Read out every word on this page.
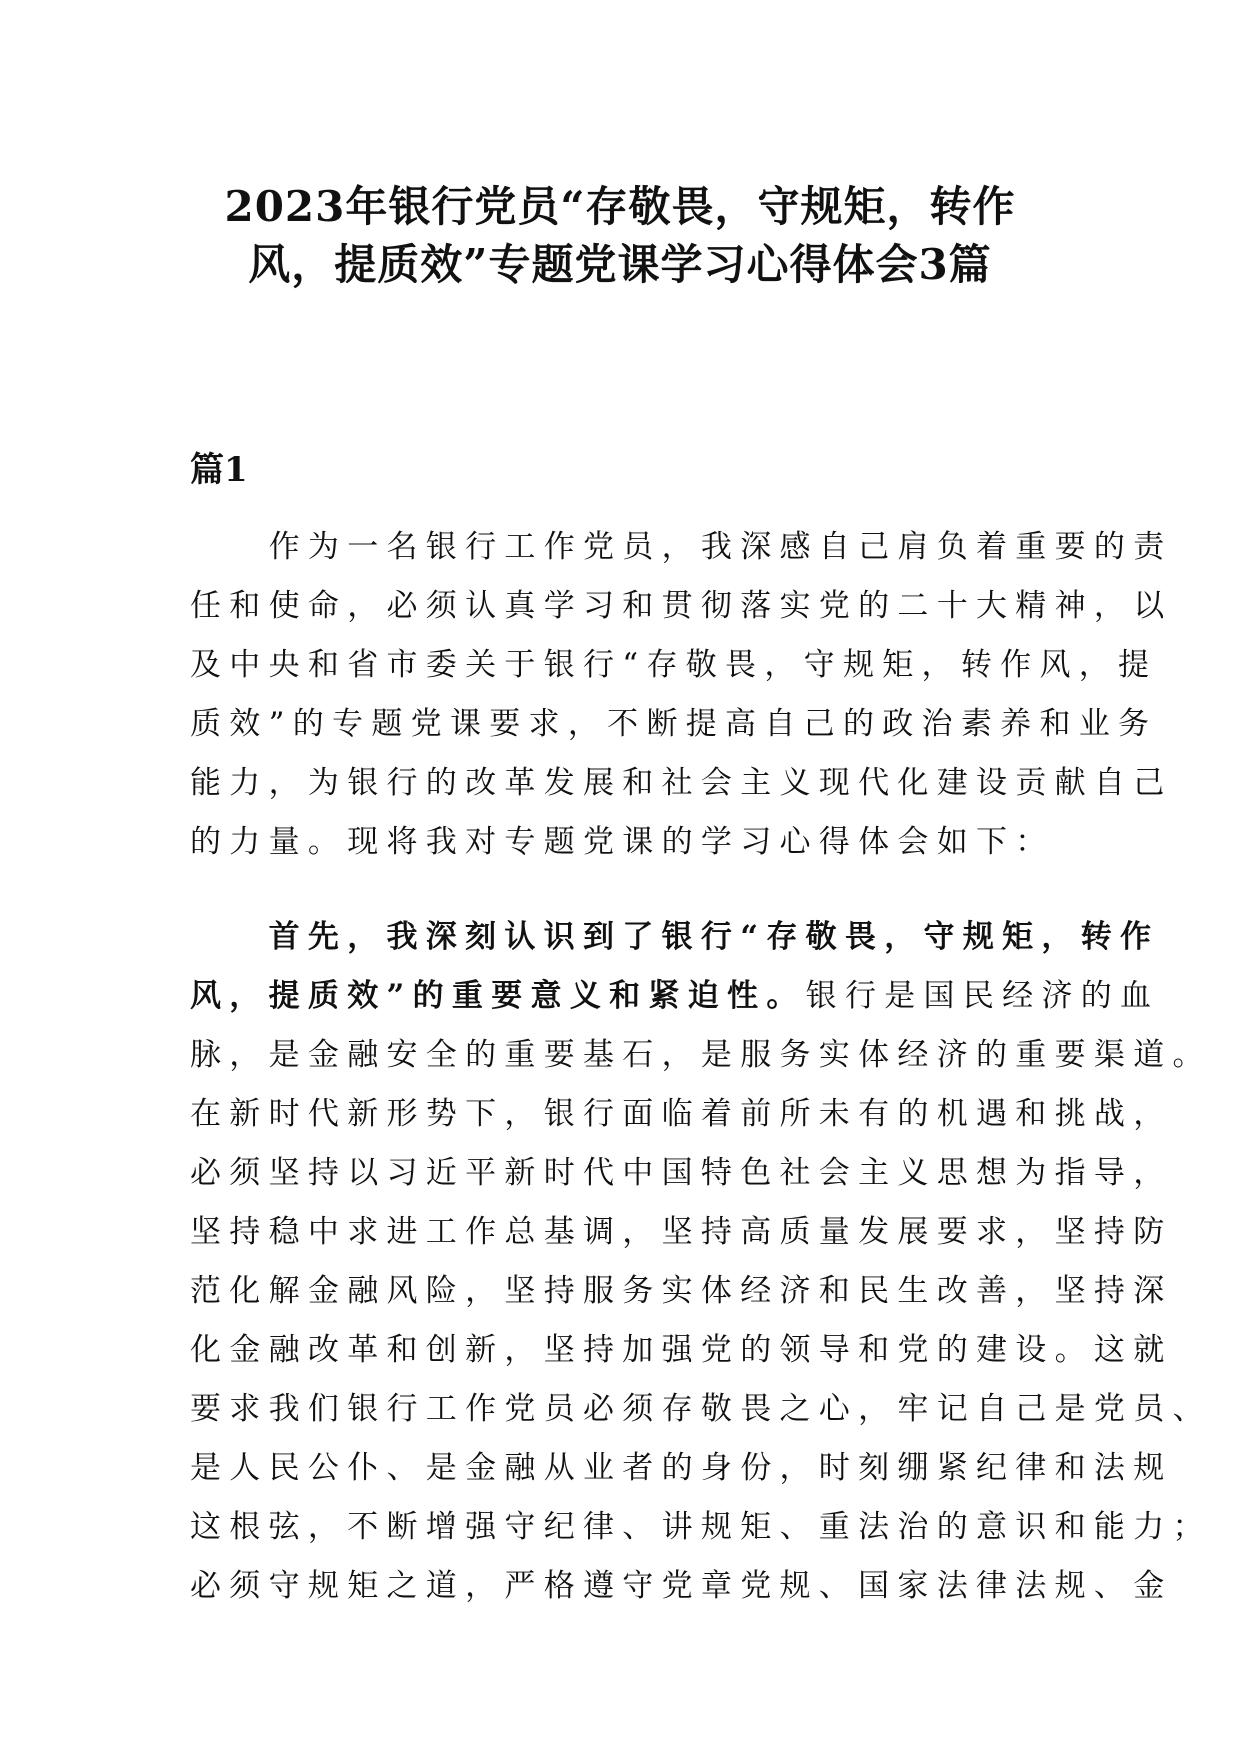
2023年银行党员“存敬畏，守规矩，转作
风，提质效”专题党课学习心得体会3篇
篇1
　　作为一名银行工作党员，我深感自己肩负着重要的责
任和使命，必须认真学习和贯彻落实党的二十大精神，以
及中央和省市委关于银行“存敬畏，守规矩，转作风，提
质效”的专题党课要求，不断提高自己的政治素养和业务
能力，为银行的改革发展和社会主义现代化建设贡献自己
的力量。现将我对专题党课的学习心得体会如下：
　　首先，我深刻认识到了银行“存敬畏，守规矩，转作
风，提质效”的重要意义和紧迫性。银行是国民经济的血
脉，是金融安全的重要基石，是服务实体经济的重要渠道。
在新时代新形势下，银行面临着前所未有的机遇和挑战，
必须坚持以习近平新时代中国特色社会主义思想为指导，
坚持稳中求进工作总基调，坚持高质量发展要求，坚持防
范化解金融风险，坚持服务实体经济和民生改善，坚持深
化金融改革和创新，坚持加强党的领导和党的建设。这就
要求我们银行工作党员必须存敬畏之心，牢记自己是党员、
是人民公仆、是金融从业者的身份，时刻绷紧纪律和法规
这根弦，不断增强守纪律、讲规矩、重法治的意识和能力；
必须守规矩之道，严格遵守党章党规、国家法律法规、金
